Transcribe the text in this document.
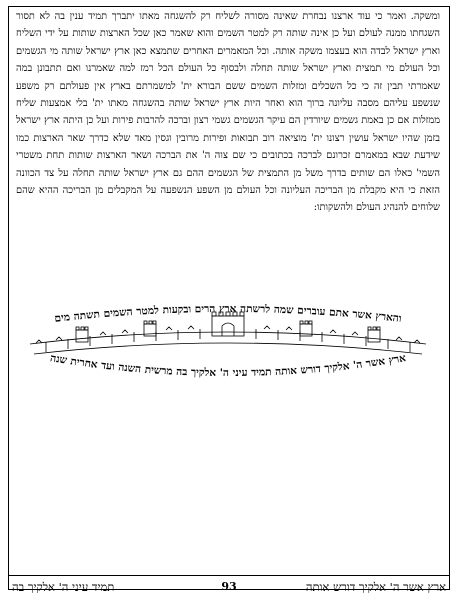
ומשקה. ואמר כי עוד ארצנו נבחרת שאינה מסורה לשליח רק להשגחה מאתו יתברך תמיד ענין בה לא תסור השגחתו ממנה לעולם ועל כן אינה שותה רק למטר השמים והוא שאמר כאן שכל הארצות שותות על ידי השליח וארץ ישראל לבדה הוא בעצמו משקה אותה. וכל המאמרים האחרים שתמצא כאן ארץ ישראל שותה מי הגשמים וכל העולם מי תמצית וארץ ישראל שותה תחלה ולבסוף כל העולם הכל רמז למה שאמרנו ואם תתבונן במה שאמרתי תבין זה כי כל השכלים ומזלות השמים ששם הבורא ית' למשמרתם בארץ אין פעולתם רק משפע שנשפע עליהם מסבה עליונה ברוך הוא ואחר היות ארץ ישראל שותה בהשגחה מאתו ית' בלי אמצעות שליח ממזלות אם כן באמת גשמים שיורדין הם עיקר הגשמים גשמי רצון וברכה להרבות פירות ועל כן היתה ארץ ישראל בזמן שהיו ישראל עושין רצונו ית' מוציאה רוב תבואות ופירות מרובין וגסין מאד שלא כדרך שאר הארצות כמו שידעת שבא במאמרם זכרונם לברכה בכתובים כי שם צוה ה' את הברכה ושאר הארצות שותות תחת משטרי השמי' כאלו הם שותים בדרך משל מן התמצית של הגשמים ההם גם ארץ ישראל שותה תחלה על צד הכוונה הזאת כי היא מקבלת מן הבריכה העליונה וכל העולם מן השפע הנשפעה על המקבלים מן הבריכה ההיא שהם שלוחים להנהיג העולם ולהשקותו:

והארץ אשר אתם עוברים שמה לרשתה ארץ הרים ובקעות למטר השמים תשתה מים
ארץ אשר ה' אלקיך דורש אותה תמיד עיני ה' אלקיך בה מרשית השנה ועד אחרית שנה
ארץ אשר ה' אלקיך דורש אותה
93
תמיד עיני ה' אלקיך בה
